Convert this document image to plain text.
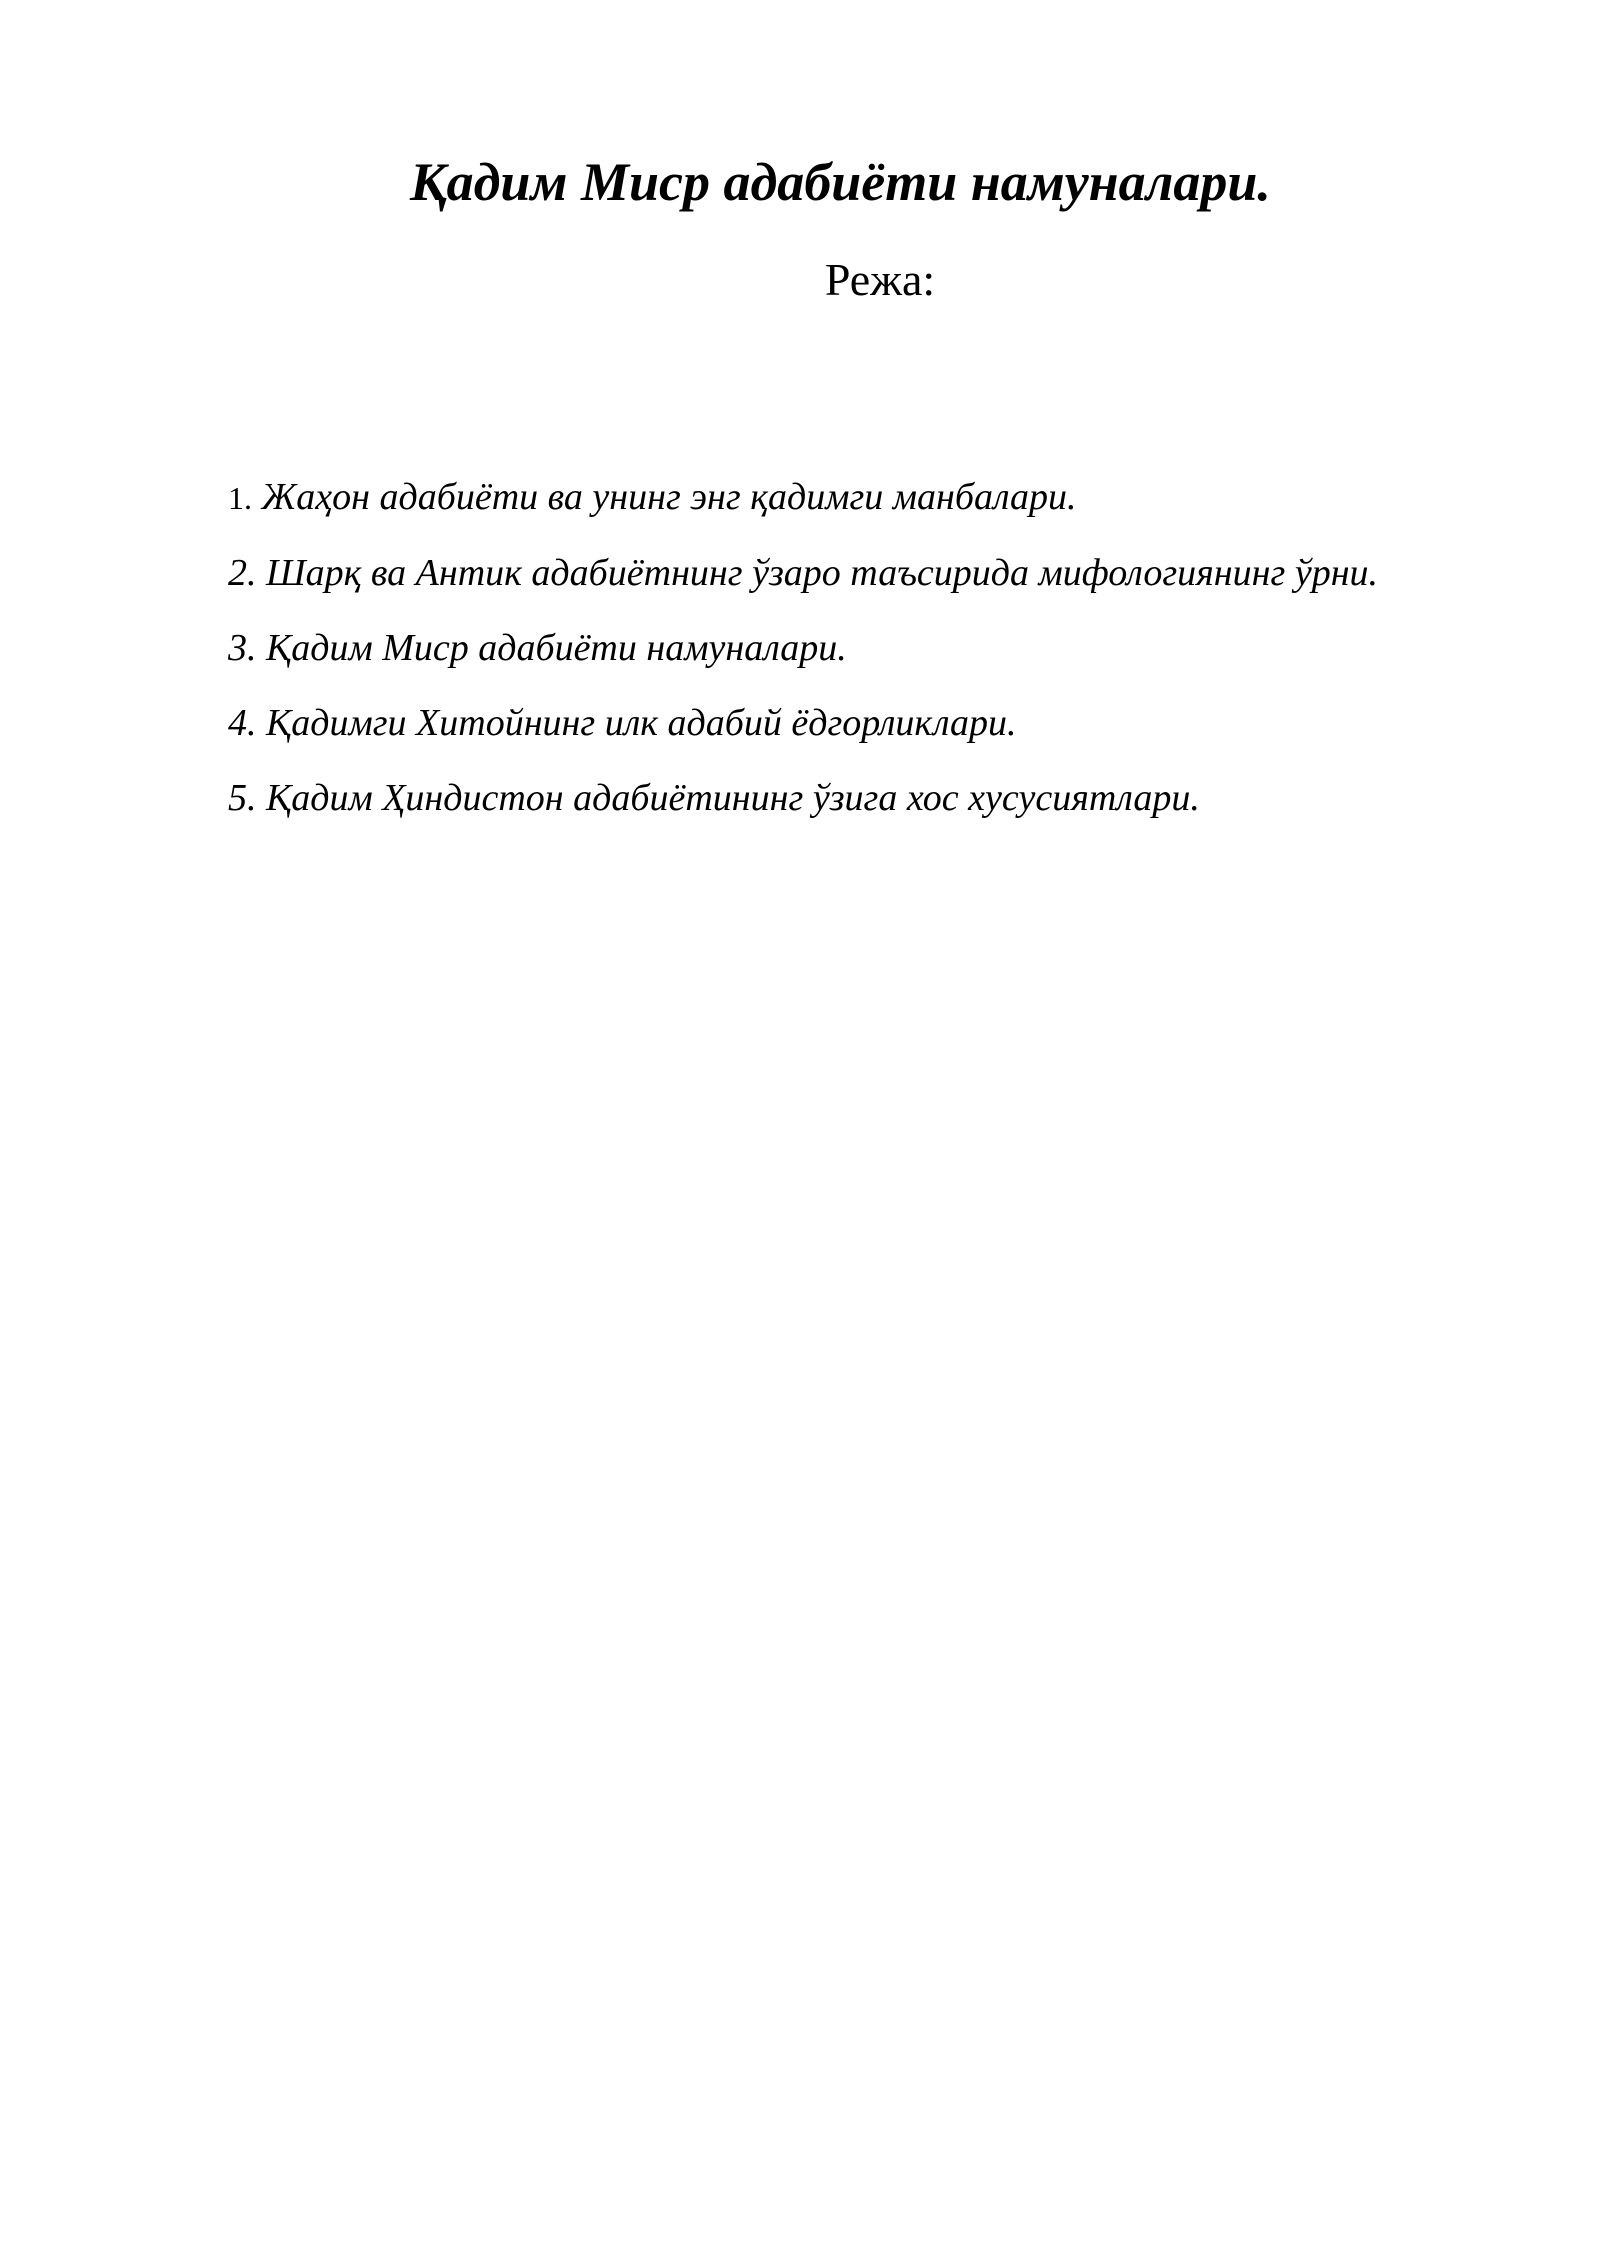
Қадим Миср адабиёти намуналари.
Режа:
1. Жаҳон адабиёти ва унинг энг қадимги манбалари.
2. Шарқ ва Антик адабиётнинг ўзаро таъсирида мифологиянинг ўрни.
3. Қадим Миср адабиёти намуналари.
4. Қадимги Хитойнинг илк адабий ёдгорликлари.
5. Қадим Ҳиндистон адабиётининг ўзига хос хусусиятлари.
